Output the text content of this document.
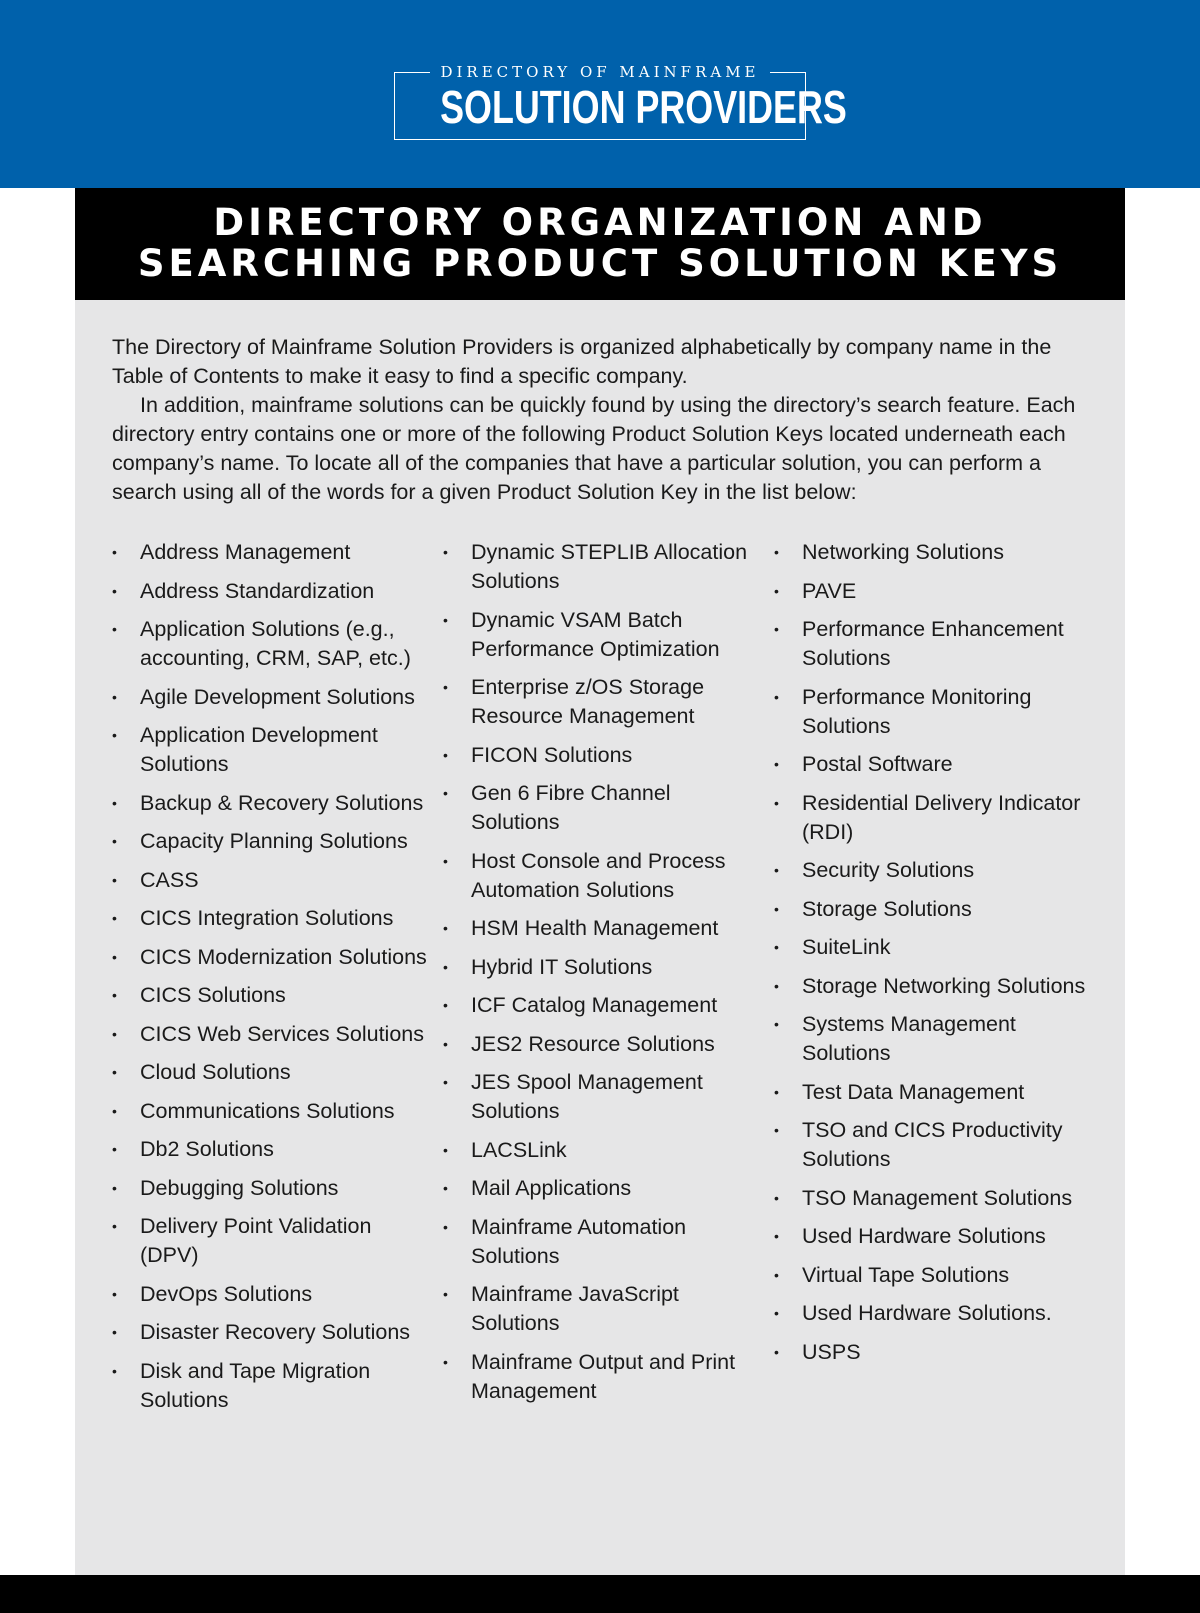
DIRECTORY OF MAINFRAME
SOLUTION PROVIDERS
DIRECTORY ORGANIZATION AND
SEARCHING PRODUCT SOLUTION KEYS

The Directory of Mainframe Solution Providers is organized alphabetically by company name in the Table of Contents to make it easy to find a specific company.

In addition, mainframe solutions can be quickly found by using the directory’s search feature. Each directory entry contains one or more of the following Product Solution Keys located underneath each company’s name. To locate all of the companies that have a particular solution, you can perform a search using all of the words for a given Product Solution Key in the list below:

• Address Management
• Address Standardization
• Application Solutions (e.g., accounting, CRM, SAP, etc.)
• Agile Development Solutions
• Application Development Solutions
• Backup & Recovery Solutions
• Capacity Planning Solutions
• CASS
• CICS Integration Solutions
• CICS Modernization Solutions
• CICS Solutions
• CICS Web Services Solutions
• Cloud Solutions
• Communications Solutions
• Db2 Solutions
• Debugging Solutions
• Delivery Point Validation (DPV)
• DevOps Solutions
• Disaster Recovery Solutions
• Disk and Tape Migration Solutions
• Dynamic STEPLIB Allocation Solutions
• Dynamic VSAM Batch Performance Optimization
• Enterprise z/OS Storage Resource Management
• FICON Solutions
• Gen 6 Fibre Channel Solutions
• Host Console and Process Automation Solutions
• HSM Health Management
• Hybrid IT Solutions
• ICF Catalog Management
• JES2 Resource Solutions
• JES Spool Management Solutions
• LACSLink
• Mail Applications
• Mainframe Automation Solutions
• Mainframe JavaScript Solutions
• Mainframe Output and Print Management
• Networking Solutions
• PAVE
• Performance Enhancement Solutions
• Performance Monitoring Solutions
• Postal Software
• Residential Delivery Indicator (RDI)
• Security Solutions
• Storage Solutions
• SuiteLink
• Storage Networking Solutions
• Systems Management Solutions
• Test Data Management
• TSO and CICS Productivity Solutions
• TSO Management Solutions
• Used Hardware Solutions
• Virtual Tape Solutions
• Used Hardware Solutions.
• USPS
